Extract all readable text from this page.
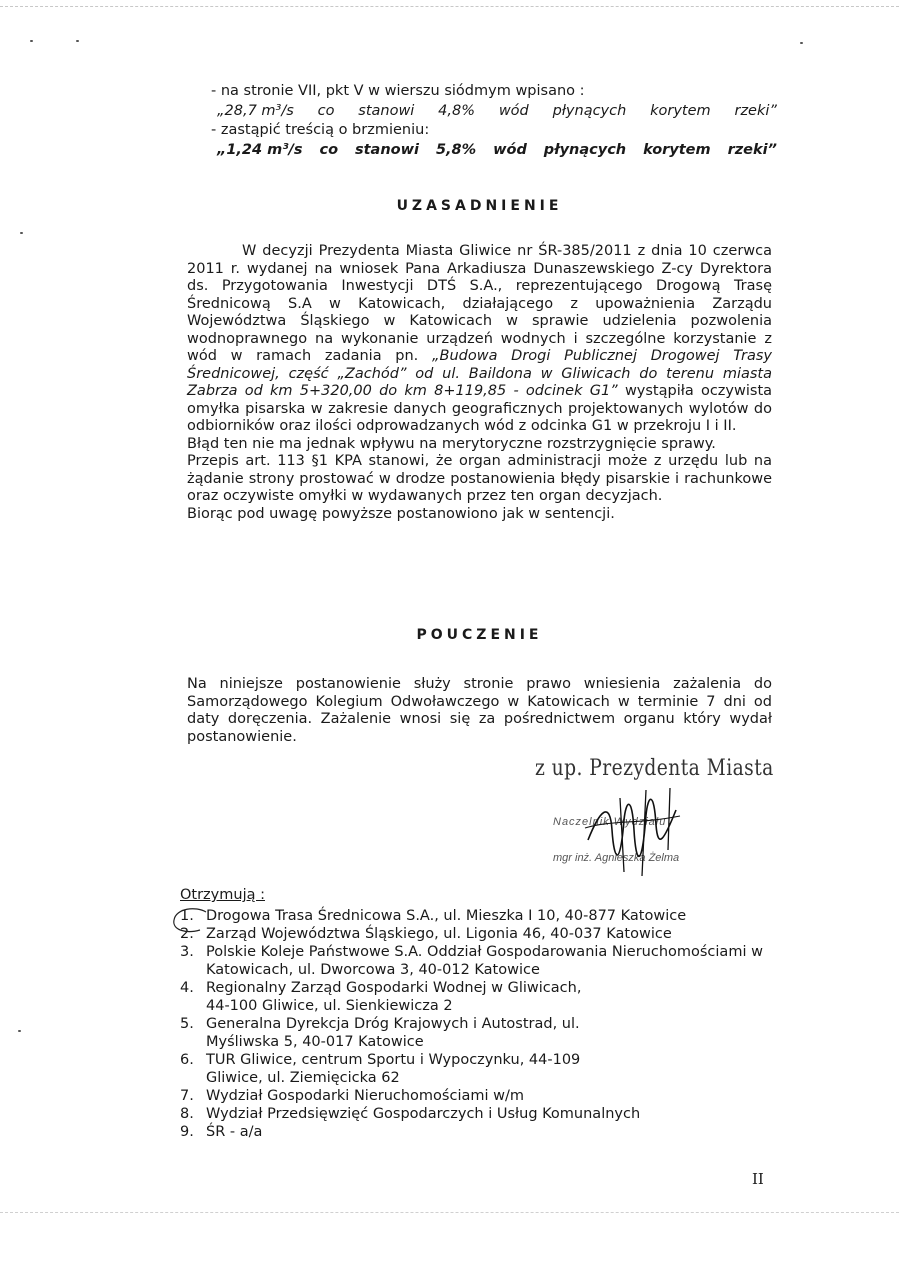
- na stronie VII, pkt V w wierszu siódmym wpisano :
„28,7 m³/s co stanowi 4,8% wód płynących korytem rzeki”
- zastąpić treścią o brzmieniu:
„1,24 m³/s co stanowi 5,8% wód płynących korytem rzeki”
UZASADNIENIE

W decyzji Prezydenta Miasta Gliwice nr ŚR-385/2011 z dnia 10 czerwca 2011 r. wydanej na wniosek Pana Arkadiusza Dunaszewskiego Z-cy Dyrektora ds. Przygotowania Inwestycji DTŚ S.A., reprezentującego Drogową Trasę Średnicową S.A w Katowicach, działającego z upoważnienia Zarządu Województwa Śląskiego w Katowicach w sprawie udzielenia pozwolenia wodnoprawnego na wykonanie urządzeń wodnych i szczególne korzystanie z wód w ramach zadania pn. „Budowa Drogi Publicznej Drogowej Trasy Średnicowej, część „Zachód” od ul. Baildona w Gliwicach do terenu miasta Zabrza od km 5+320,00 do km 8+119,85 - odcinek G1” wystąpiła oczywista omyłka pisarska w zakresie danych geograficznych projektowanych wylotów do odbiorników oraz ilości odprowadzanych wód z odcinka G1 w przekroju I i II.

Błąd ten nie ma jednak wpływu na merytoryczne rozstrzygnięcie sprawy.

Przepis art. 113 §1 KPA stanowi, że organ administracji może z urzędu lub na żądanie strony prostować w drodze postanowienia błędy pisarskie i rachunkowe oraz oczywiste omyłki w wydawanych przez ten organ decyzjach.

Biorąc pod uwagę powyższe postanowiono jak w sentencji.

POUCZENIE

Na niniejsze postanowienie służy stronie prawo wniesienia zażalenia do Samorządowego Kolegium Odwoławczego w Katowicach w terminie 7 dni od daty doręczenia. Zażalenie wnosi się za pośrednictwem organu który wydał postanowienie.

z up. Prezydenta Miasta
Naczelnik Wydziału
mgr inż. Agnieszka Żelma
Otrzymują :
1. Drogowa Trasa Średnicowa S.A., ul. Mieszka I 10, 40-877 Katowice
2. Zarząd Województwa Śląskiego, ul. Ligonia 46, 40-037 Katowice
3. Polskie Koleje Państwowe S.A. Oddział Gospodarowania Nieruchomościami w Katowicach, ul. Dworcowa 3, 40-012 Katowice
4. Regionalny Zarząd Gospodarki Wodnej w Gliwicach, 44-100 Gliwice, ul. Sienkiewicza 2
5. Generalna Dyrekcja Dróg Krajowych i Autostrad, ul. Myśliwska 5, 40-017 Katowice
6. TUR Gliwice, centrum Sportu i Wypoczynku, 44-109 Gliwice, ul. Ziemięcicka 62
7. Wydział Gospodarki Nieruchomościami w/m
8. Wydział Przedsięwzięć Gospodarczych i Usług Komunalnych
9. ŚR - a/a
II
